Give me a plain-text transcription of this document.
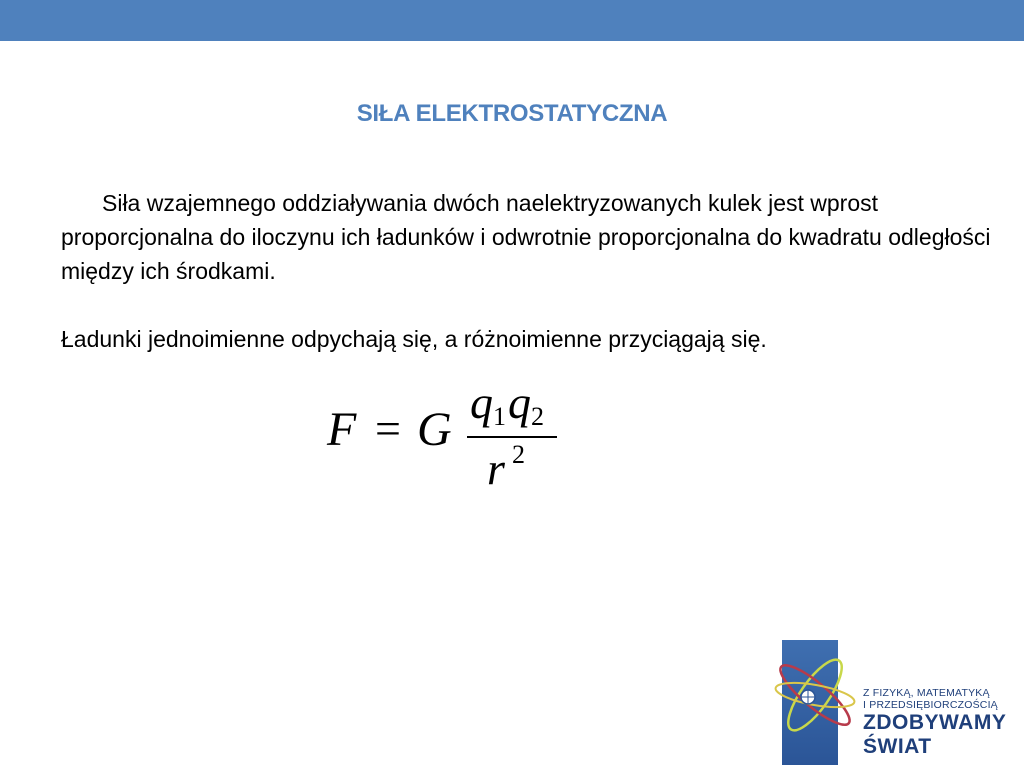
SIŁA ELEKTROSTATYCZNA

Siła wzajemnego oddziaływania dwóch naelektryzowanych kulek jest wprost proporcjonalna do iloczynu ich ładunków i odwrotnie proporcjonalna do kwadratu odległości między ich środkami.

Ładunki jednoimienne odpychają się, a różnoimienne przyciągają się.

F = G
q 1 q 2
r 2
Z FIZYKĄ, MATEMATYKĄ
I PRZEDSIĘBIORCZOŚCIĄ
ZDOBYWAMY
ŚWIAT
